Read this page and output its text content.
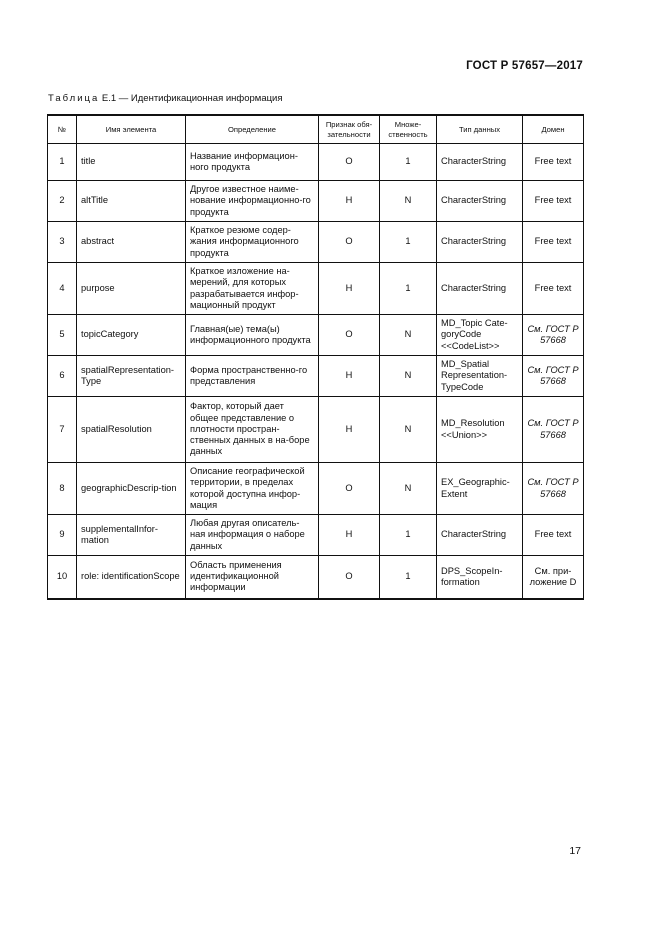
ГОСТ Р 57657—2017
Таблица Е.1 — Идентификационная информация
№	Имя элемента	Определение	Признак обя-зательности	Множе-ственность	Тип данных	Домен
1	title	Название информацион-ного продукта	O	1	CharacterString	Free text
2	altTitle	Другое известное наиме-нование информационно-го продукта	Н	N	CharacterString	Free text
3	abstract	Краткое резюме содер-жания информационного продукта	O	1	CharacterString	Free text
4	purpose	Краткое изложение на-мерений, для которых разрабатывается инфор-мационный продукт	Н	1	CharacterString	Free text
5	topicCategory	Главная(ые) тема(ы) информационного продукта	O	N	MD_Topic Cate-goryCode <<CodeList>>	См. ГОСТ Р 57668
6	spatialRepresentation-Type	Форма пространственно-го представления	Н	N	MD_Spatial Representation-TypeCode	См. ГОСТ Р 57668
7	spatialResolution	Фактор, который дает общее представление о плотности простран-ственных данных в на-боре данных	Н	N	MD_Resolution <<Union>>	См. ГОСТ Р 57668
8	geographicDescrip-tion	Описание географической территории, в пределах которой доступна инфор-мация	O	N	EX_Geographic-Extent	См. ГОСТ Р 57668
9	supplementalInfor-mation	Любая другая описатель-ная информация о наборе данных	Н	1	CharacterString	Free text
10	role: identificationScope	Область применения идентификационной информации	O	1	DPS_ScopeIn-formation	См. при-ложение D
17
